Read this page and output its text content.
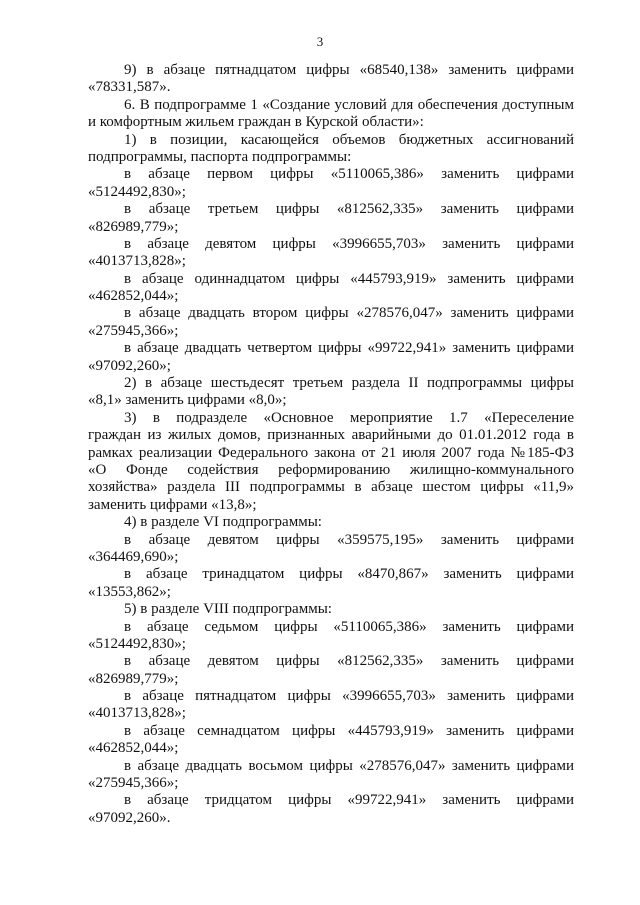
3
9) в абзаце пятнадцатом цифры «68540,138» заменить цифрами
«78331,587».
6. В подпрограмме 1 «Создание условий для обеспечения доступным
и комфортным жильем граждан в Курской области»:
1) в позиции, касающейся объемов бюджетных ассигнований
подпрограммы, паспорта подпрограммы:
в абзаце первом цифры «5110065,386» заменить цифрами
«5124492,830»;
в абзаце третьем цифры «812562,335» заменить цифрами
«826989,779»;
в абзаце девятом цифры «3996655,703» заменить цифрами
«4013713,828»;
в абзаце одиннадцатом цифры «445793,919» заменить цифрами
«462852,044»;
в абзаце двадцать втором цифры «278576,047» заменить цифрами
«275945,366»;
в абзаце двадцать четвертом цифры «99722,941» заменить цифрами
«97092,260»;
2) в абзаце шестьдесят третьем раздела II подпрограммы цифры
«8,1» заменить цифрами «8,0»;
3) в подразделе «Основное мероприятие 1.7 «Переселение
граждан из жилых домов, признанных аварийными до 01.01.2012 года в
рамках реализации Федерального закона от 21 июля 2007 года №185-ФЗ
«О Фонде содействия реформированию жилищно-коммунального
хозяйства» раздела III подпрограммы в абзаце шестом цифры «11,9»
заменить цифрами «13,8»;
4) в разделе VI подпрограммы:
в абзаце девятом цифры «359575,195» заменить цифрами
«364469,690»;
в абзаце тринадцатом цифры «8470,867» заменить цифрами
«13553,862»;
5) в разделе VIII подпрограммы:
в абзаце седьмом цифры «5110065,386» заменить цифрами
«5124492,830»;
в абзаце девятом цифры «812562,335» заменить цифрами
«826989,779»;
в абзаце пятнадцатом цифры «3996655,703» заменить цифрами
«4013713,828»;
в абзаце семнадцатом цифры «445793,919» заменить цифрами
«462852,044»;
в абзаце двадцать восьмом цифры «278576,047» заменить цифрами
«275945,366»;
в абзаце тридцатом цифры «99722,941» заменить цифрами
«97092,260».
